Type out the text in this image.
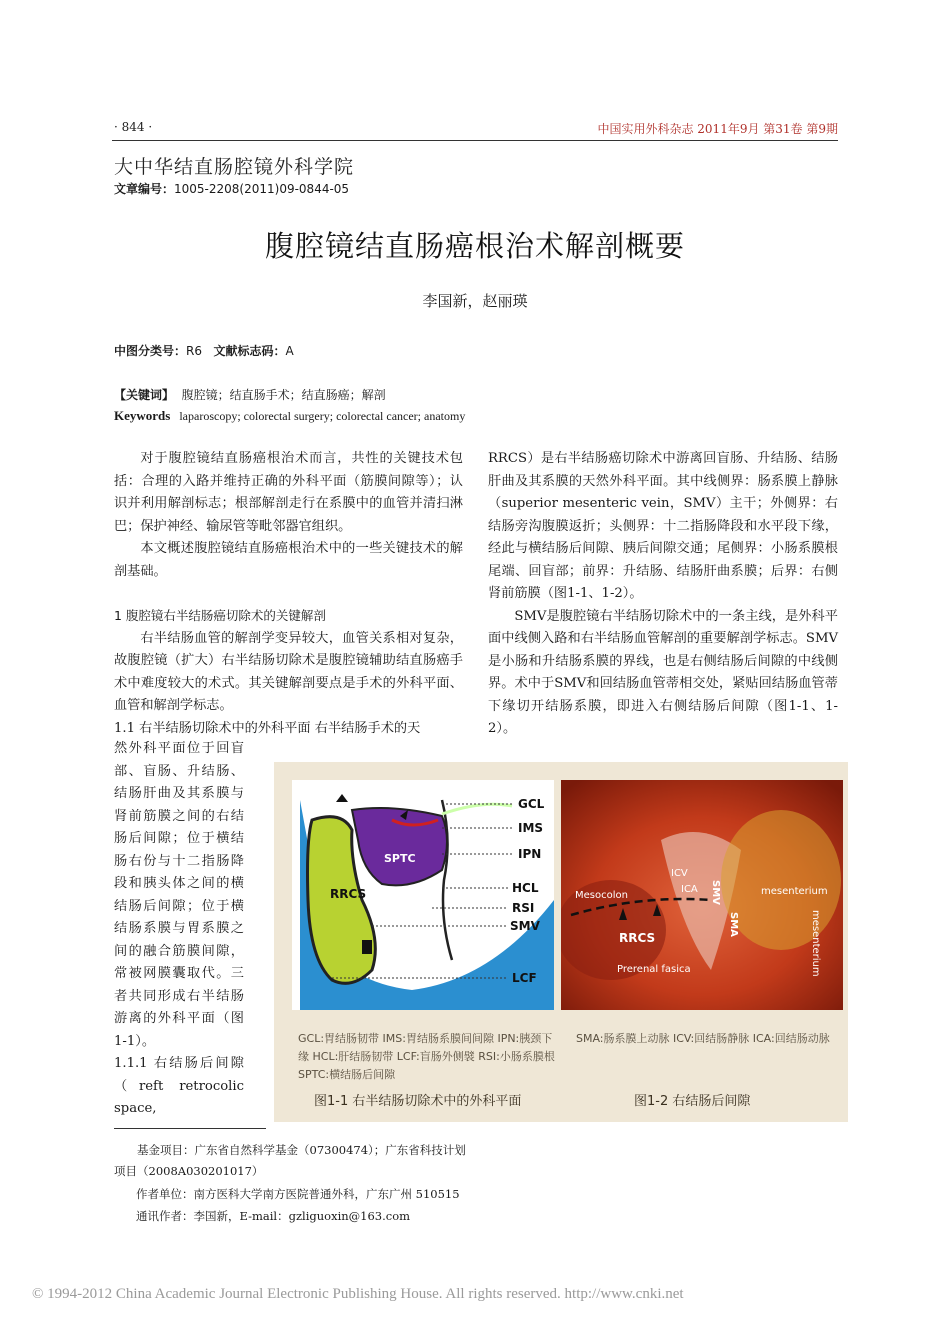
· 844 ·	中国实用外科杂志 2011年9月 第31卷 第9期
大中华结直肠腔镜外科学院
文章编号：1005-2208(2011)09-0844-05
腹腔镜结直肠癌根治术解剖概要
李国新，赵丽瑛
中图分类号：R6 文献标志码：A
【关键词】 腹腔镜；结直肠手术；结直肠癌；解剖
Keywords laparoscopy; colorectal surgery; colorectal cancer; anatomy

对于腹腔镜结直肠癌根治术而言，共性的关键技术包括：合理的入路并维持正确的外科平面（筋膜间隙等）；认识并利用解剖标志；根部解剖走行在系膜中的血管并清扫淋巴；保护神经、输尿管等毗邻器官组织。

本文概述腹腔镜结直肠癌根治术中的一些关键技术的解剖基础。

1 腹腔镜右半结肠癌切除术的关键解剖

右半结肠血管的解剖学变异较大，血管关系相对复杂，故腹腔镜（扩大）右半结肠切除术是腹腔镜辅助结直肠癌手术中难度较大的术式。其关键解剖要点是手术的外科平面、血管和解剖学标志。

1.1 右半结肠切除术中的外科平面 右半结肠手术的天

然外科平面位于回盲部、盲肠、升结肠、结肠肝曲及其系膜与肾前筋膜之间的右结肠后间隙；位于横结肠右份与十二指肠降段和胰头体之间的横结肠后间隙；位于横结肠系膜与胃系膜之间的融合筋膜间隙，常被网膜囊取代。三者共同形成右半结肠游离的外科平面（图1-1）。
1.1.1 右结肠后间隙（reft retrocolic space,

RRCS）是右半结肠癌切除术中游离回盲肠、升结肠、结肠肝曲及其系膜的天然外科平面。其中线侧界：肠系膜上静脉（superior mesenteric vein，SMV）主干；外侧界：右结肠旁沟腹膜返折；头侧界：十二指肠降段和水平段下缘，经此与横结肠后间隙、胰后间隙交通；尾侧界：小肠系膜根尾端、回盲部；前界：升结肠、结肠肝曲系膜；后界：右侧肾前筋膜（图1-1、1-2）。

SMV是腹腔镜右半结肠切除术中的一条主线，是外科平面中线侧入路和右半结肠血管解剖的重要解剖学标志。SMV是小肠和升结肠系膜的界线，也是右侧结肠后间隙的中线侧界。术中于SMV和回结肠血管蒂相交处，紧贴回结肠血管蒂下缘切开结肠系膜，即进入右侧结肠后间隙（图1-1、1-2）。

GCL
IMS
IPN
HCL
RSI
SMV
LCF
RRCS
SPTC
ICV
ICA SMV
SMA
Mesocolon	mesenterium
RRCS
Prerenal fasica	mesenterium
GCL:胃结肠韧带 IMS:胃结肠系膜间间隙 IPN:胰颈下缘 HCL:肝结肠韧带 LCF:盲肠外侧襞 RSI:小肠系膜根 SPTC:横结肠后间隙
SMA:肠系膜上动脉 ICV:回结肠静脉 ICA:回结肠动脉
图1-1 右半结肠切除术中的外科平面	图1-2 右结肠后间隙
基金项目：广东省自然科学基金（07300474）；广东省科技计划项目（2008A030201017）
作者单位：南方医科大学南方医院普通外科，广东广州 510515
通讯作者：李国新，E-mail：gzliguoxin@163.com
© 1994-2012 China Academic Journal Electronic Publishing House. All rights reserved. http://www.cnki.net
